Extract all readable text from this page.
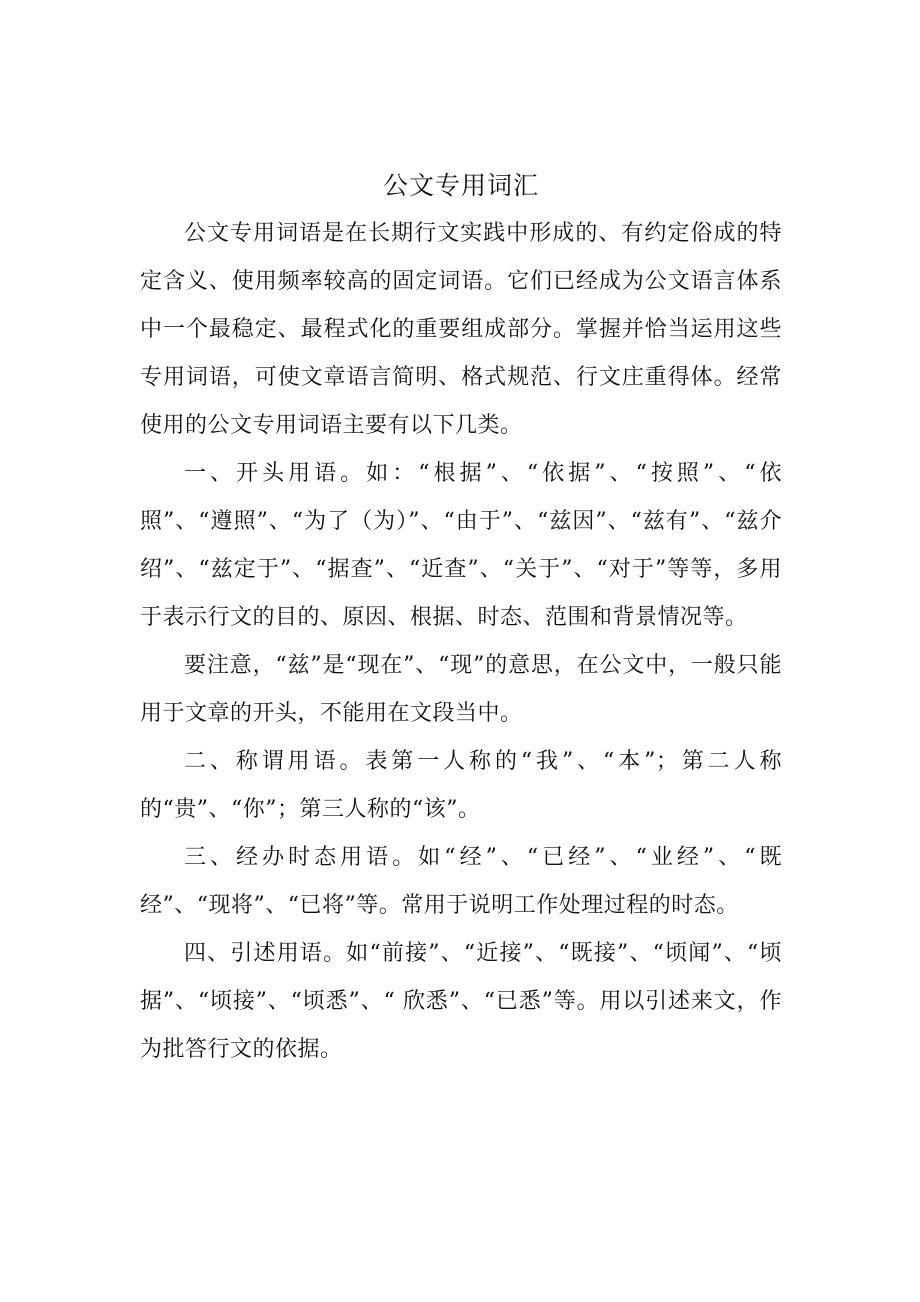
公文专用词汇

公文专用词语是在长期行文实践中形成的、有约定俗成的特定含义、使用频率较高的固定词语。它们已经成为公文语言体系中一个最稳定、最程式化的重要组成部分。掌握并恰当运用这些专用词语，可使文章语言简明、格式规范、行文庄重得体。经常使用的公文专用词语主要有以下几类。

一、开头用语。如：“根据”、“依据”、“按照”、“依照”、“遵照”、“为了（为）”、“由于”、“兹因”、“兹有”、“兹介绍”、“兹定于”、“据查”、“近查”、“关于”、“对于”等等，多用于表示行文的目的、原因、根据、时态、范围和背景情况等。

要注意，“兹”是“现在”、“现”的意思，在公文中，一般只能用于文章的开头，不能用在文段当中。

二、称谓用语。表第一人称的“我”、“本”；第二人称的“贵”、“你”；第三人称的“该”。

三、经办时态用语。如“经”、“已经”、“业经”、“既经”、“现将”、“已将”等。常用于说明工作处理过程的时态。

四、引述用语。如“前接”、“近接”、“既接”、“顷闻”、“顷据”、“顷接”、“顷悉”、“ 欣悉”、“已悉”等。用以引述来文，作为批答行文的依据。
